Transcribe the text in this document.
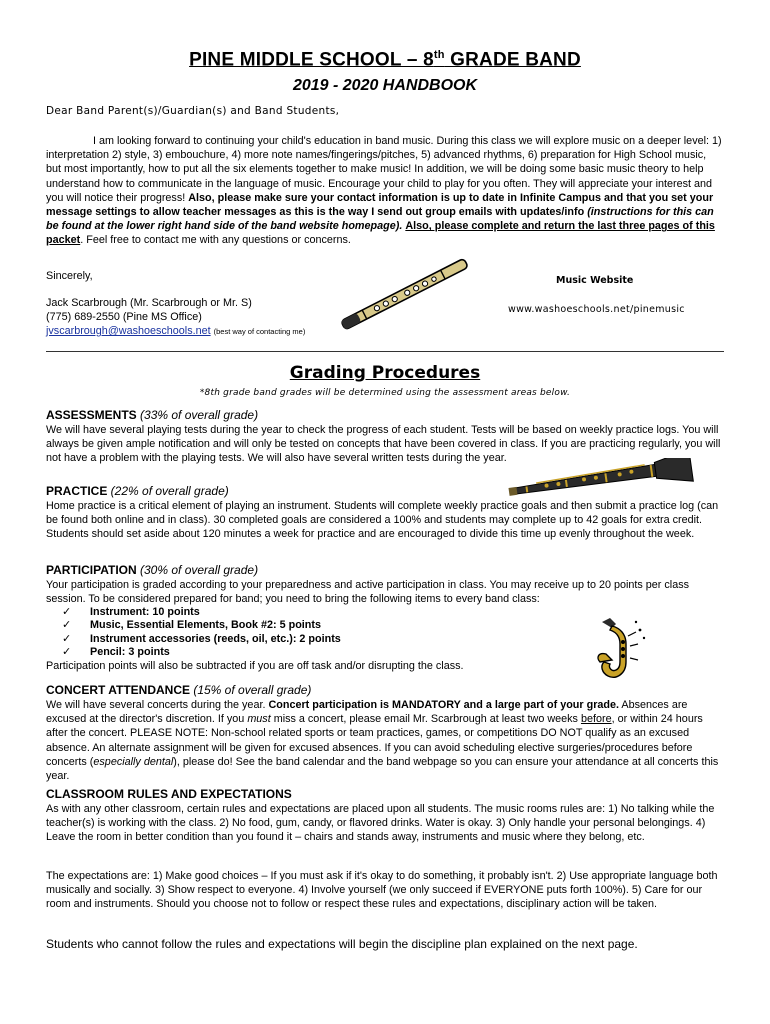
PINE MIDDLE SCHOOL – 8th GRADE BAND
2019 - 2020 HANDBOOK
Dear Band Parent(s)/Guardian(s) and Band Students,

I am looking forward to continuing your child's education in band music. During this class we will explore music on a deeper level: 1) interpretation 2) style, 3) embouchure, 4) more note names/fingerings/pitches, 5) advanced rhythms, 6) preparation for High School music, but most importantly, how to put all the six elements together to make music! In addition, we will be doing some basic music theory to help understand how to communicate in the language of music. Encourage your child to play for you often. They will appreciate your interest and you will notice their progress! Also, please make sure your contact information is up to date in Infinite Campus and that you set your message settings to allow teacher messages as this is the way I send out group emails with updates/info (instructions for this can be found at the lower right hand side of the band website homepage). Also, please complete and return the last three pages of this packet. Feel free to contact me with any questions or concerns.

Sincerely,
Jack Scarbrough (Mr. Scarbrough or Mr. S)
(775) 689-2550 (Pine MS Office)
jvscarbrough@washoeschools.net (best way of contacting me)
Music Website
www.washoeschools.net/pinemusic
Grading Procedures
*8th grade band grades will be determined using the assessment areas below.
ASSESSMENTS (33% of overall grade)

We will have several playing tests during the year to check the progress of each student. Tests will be based on weekly practice logs. You will always be given ample notification and will only be tested on concepts that have been covered in class. If you are practicing regularly, you will not have a problem with the playing tests. We will also have several written tests during the year.

PRACTICE (22% of overall grade)

Home practice is a critical element of playing an instrument. Students will complete weekly practice goals and then submit a practice log (can be found both online and in class). 30 completed goals are considered a 100% and students may complete up to 42 goals for extra credit. Students should set aside about 120 minutes a week for practice and are encouraged to divide this time up evenly throughout the week.

PARTICIPATION (30% of overall grade)

Your participation is graded according to your preparedness and active participation in class. You may receive up to 20 points per class session. To be considered prepared for band; you need to bring the following items to every band class:

✓ Instrument: 10 points
✓ Music, Essential Elements, Book #2: 5 points
✓ Instrument accessories (reeds, oil, etc.): 2 points
✓ Pencil: 3 points

Participation points will also be subtracted if you are off task and/or disrupting the class.

CONCERT ATTENDANCE (15% of overall grade)

We will have several concerts during the year. Concert participation is MANDATORY and a large part of your grade. Absences are excused at the director's discretion. If you must miss a concert, please email Mr. Scarbrough at least two weeks before, or within 24 hours after the concert. PLEASE NOTE: Non-school related sports or team practices, games, or competitions DO NOT qualify as an excused absence. An alternate assignment will be given for excused absences. If you can avoid scheduling elective surgeries/procedures before concerts (especially dental), please do! See the band calendar and the band webpage so you can ensure your attendance at all concerts this year.

CLASSROOM RULES AND EXPECTATIONS

As with any other classroom, certain rules and expectations are placed upon all students. The music rooms rules are: 1) No talking while the teacher(s) is working with the class. 2) No food, gum, candy, or flavored drinks. Water is okay. 3) Only handle your personal belongings. 4) Leave the room in better condition than you found it – chairs and stands away, instruments and music where they belong, etc.

The expectations are: 1) Make good choices – If you must ask if it's okay to do something, it probably isn't. 2) Use appropriate language both musically and socially. 3) Show respect to everyone. 4) Involve yourself (we only succeed if EVERYONE puts forth 100%). 5) Care for our room and instruments. Should you choose not to follow or respect these rules and expectations, disciplinary action will be taken.

Students who cannot follow the rules and expectations will begin the discipline plan explained on the next page.
